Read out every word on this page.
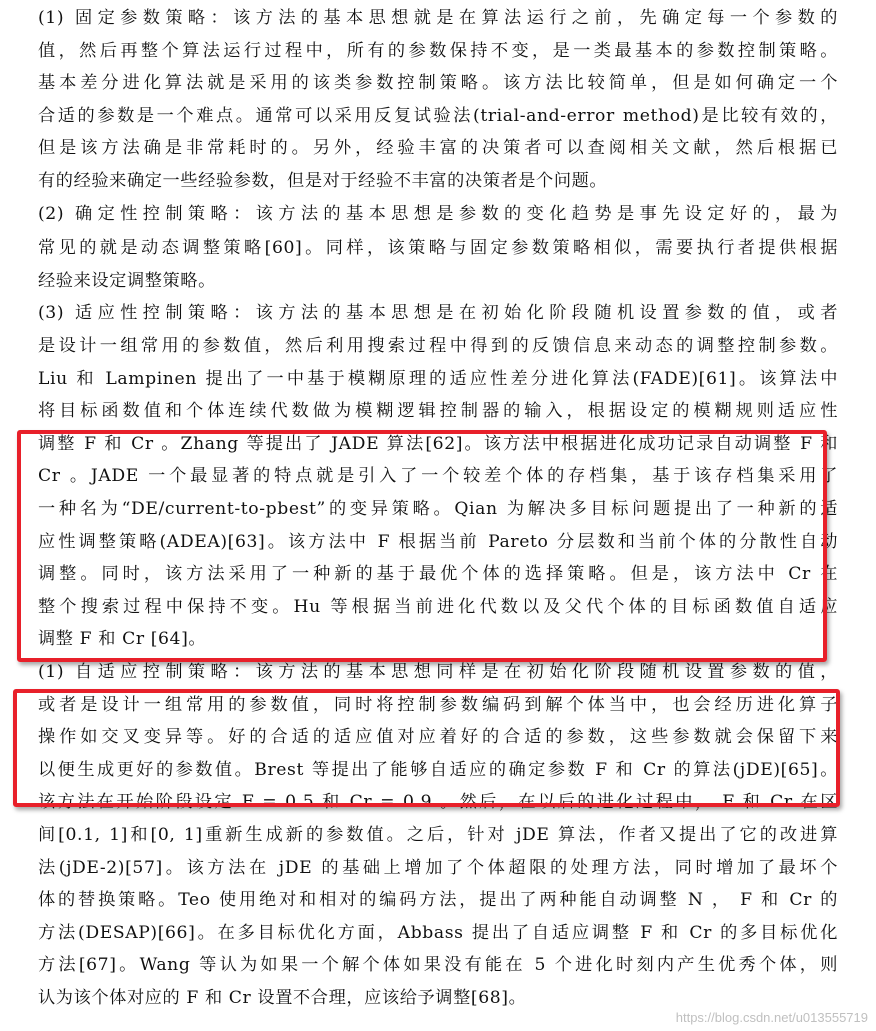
(1) 固定参数策略：该方法的基本思想就是在算法运行之前，先确定每一个参数的
值，然后再整个算法运行过程中，所有的参数保持不变，是一类最基本的参数控制策略。
基本差分进化算法就是采用的该类参数控制策略。该方法比较简单，但是如何确定一个
合适的参数是一个难点。通常可以采用反复试验法(trial-and-error method)是比较有效的，
但是该方法确是非常耗时的。另外，经验丰富的决策者可以查阅相关文献，然后根据已
有的经验来确定一些经验参数，但是对于经验不丰富的决策者是个问题。
(2) 确定性控制策略：该方法的基本思想是参数的变化趋势是事先设定好的，最为
常见的就是动态调整策略[60]。同样，该策略与固定参数策略相似，需要执行者提供根据
经验来设定调整策略。
(3) 适应性控制策略：该方法的基本思想是在初始化阶段随机设置参数的值，或者
是设计一组常用的参数值，然后利用搜索过程中得到的反馈信息来动态的调整控制参数。
Liu 和 Lampinen 提出了一中基于模糊原理的适应性差分进化算法(FADE)[61]。该算法中
将目标函数值和个体连续代数做为模糊逻辑控制器的输入，根据设定的模糊规则适应性
调整 F 和 Cr 。Zhang 等提出了 JADE 算法[62]。该方法中根据进化成功记录自动调整 F 和
Cr 。JADE 一个最显著的特点就是引入了一个较差个体的存档集，基于该存档集采用了
一种名为“DE/current-to-pbest”的变异策略。Qian 为解决多目标问题提出了一种新的适
应性调整策略(ADEA)[63]。该方法中 F 根据当前 Pareto 分层数和当前个体的分散性自动
调整。同时，该方法采用了一种新的基于最优个体的选择策略。但是，该方法中 Cr 在
整个搜索过程中保持不变。Hu 等根据当前进化代数以及父代个体的目标函数值自适应
调整 F 和 Cr [64]。
(1) 自适应控制策略：该方法的基本思想同样是在初始化阶段随机设置参数的值，
或者是设计一组常用的参数值，同时将控制参数编码到解个体当中，也会经历进化算子
操作如交叉变异等。好的合适的适应值对应着好的合适的参数，这些参数就会保留下来
以便生成更好的参数值。Brest 等提出了能够自适应的确定参数 F 和 Cr 的算法(jDE)[65]。
该方法在开始阶段设定 F = 0.5 和 Cr = 0.9 。然后，在以后的进化过程中， F 和 Cr 在区
间[0.1, 1]和[0, 1]重新生成新的参数值。之后，针对 jDE 算法，作者又提出了它的改进算
法(jDE-2)[57]。该方法在 jDE 的基础上增加了个体超限的处理方法，同时增加了最坏个
体的替换策略。Teo 使用绝对和相对的编码方法，提出了两种能自动调整 N ， F 和 Cr 的
方法(DESAP)[66]。在多目标优化方面，Abbass 提出了自适应调整 F 和 Cr 的多目标优化
方法[67]。Wang 等认为如果一个解个体如果没有能在 5 个进化时刻内产生优秀个体，则
认为该个体对应的 F 和 Cr 设置不合理，应该给予调整[68]。
https://blog.csdn.net/u013555719
